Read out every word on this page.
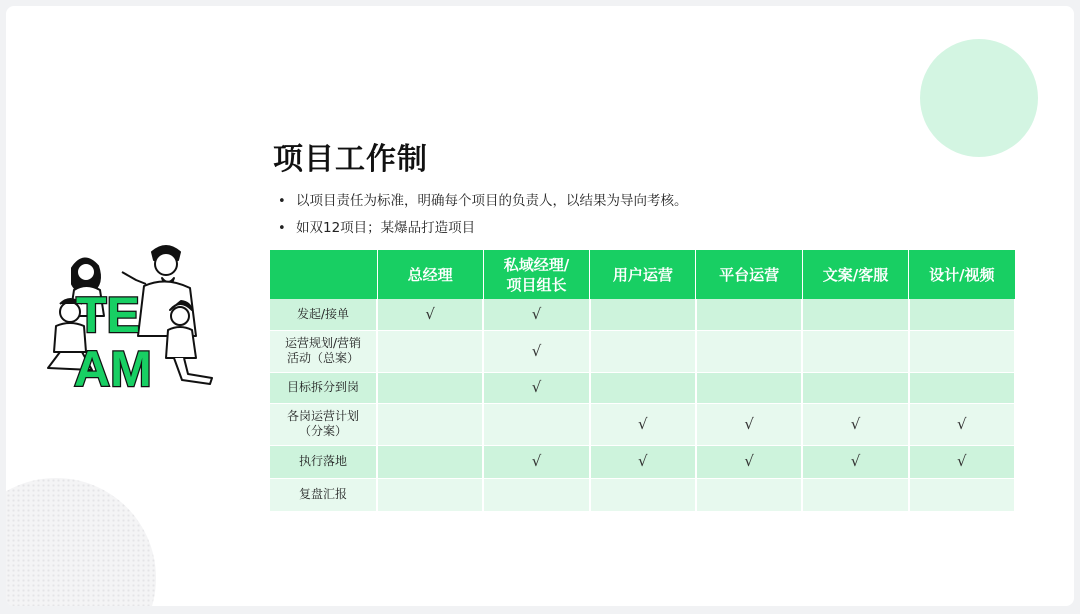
项目工作制
• 以项目责任为标准，明确每个项目的负责人，以结果为导向考核。
• 如双12项目；某爆品打造项目
TE
AM
	总经理	私域经理/
项目组长	用户运营	平台运营	文案/客服	设计/视频
发起/接单	√	√				
运营规划/营销
活动（总案）		√				
目标拆分到岗		√				
各岗运营计划
（分案）			√	√	√	√
执行落地		√	√	√	√	√
复盘汇报						
